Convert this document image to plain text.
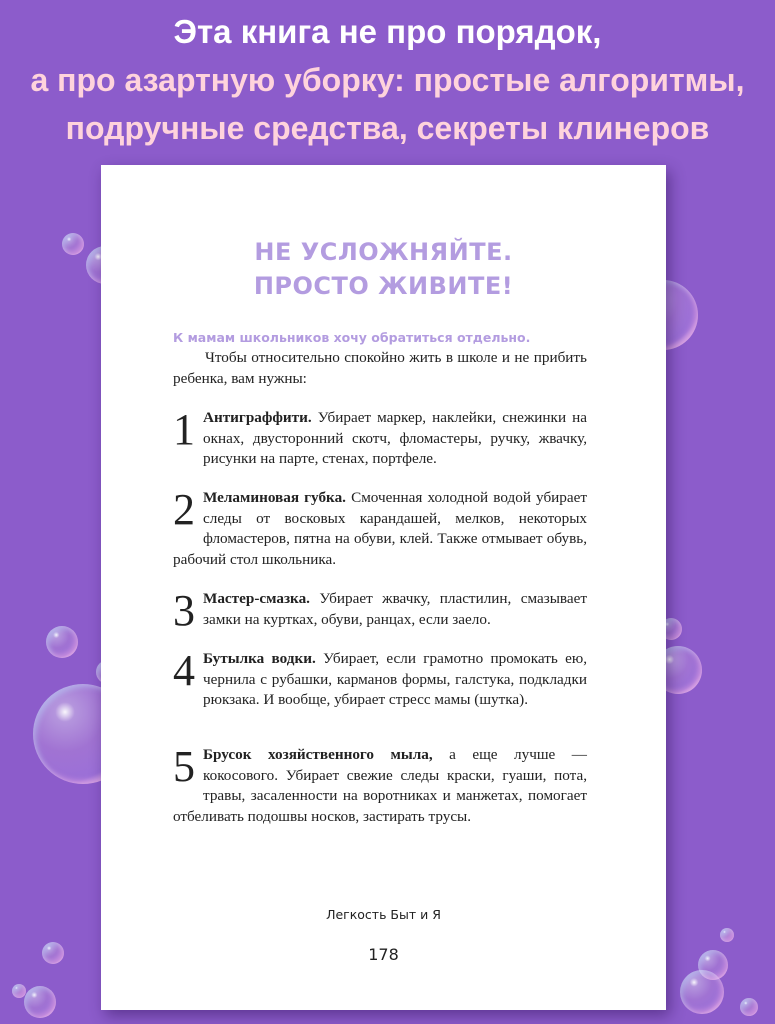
Эта книга не про порядок,
а про азартную уборку: простые алгоритмы,
подручные средства, секреты клинеров
НЕ УСЛОЖНЯЙТЕ.
ПРОСТО ЖИВИТЕ!
К мамам школьников хочу обратиться отдельно.
Чтобы относительно спокойно жить в школе и не прибить ребенка, вам нужны:
1 Антиграффити. Убирает маркер, наклейки, снежинки на окнах, двусторонний скотч, фломастеры, ручку, жвачку, рисунки на парте, стенах, портфеле.
2 Меламиновая губка. Смоченная холодной водой убирает следы от восковых карандашей, мелков, некоторых фломастеров, пятна на обуви, клей. Также отмывает обувь, рабочий стол школьника.
3 Мастер-смазка. Убирает жвачку, пластилин, смазывает замки на куртках, обуви, ранцах, если заело.
4 Бутылка водки. Убирает, если грамотно промокать ею, чернила с рубашки, карманов формы, галстука, подкладки рюкзака. И вообще, убирает стресс мамы (шутка).
5 Брусок хозяйственного мыла, а еще лучше — кокосового. Убирает свежие следы краски, гуаши, пота, травы, засаленности на воротниках и манжетах, помогает отбеливать подошвы носков, застирать трусы.
Легкость Быт и Я
178
